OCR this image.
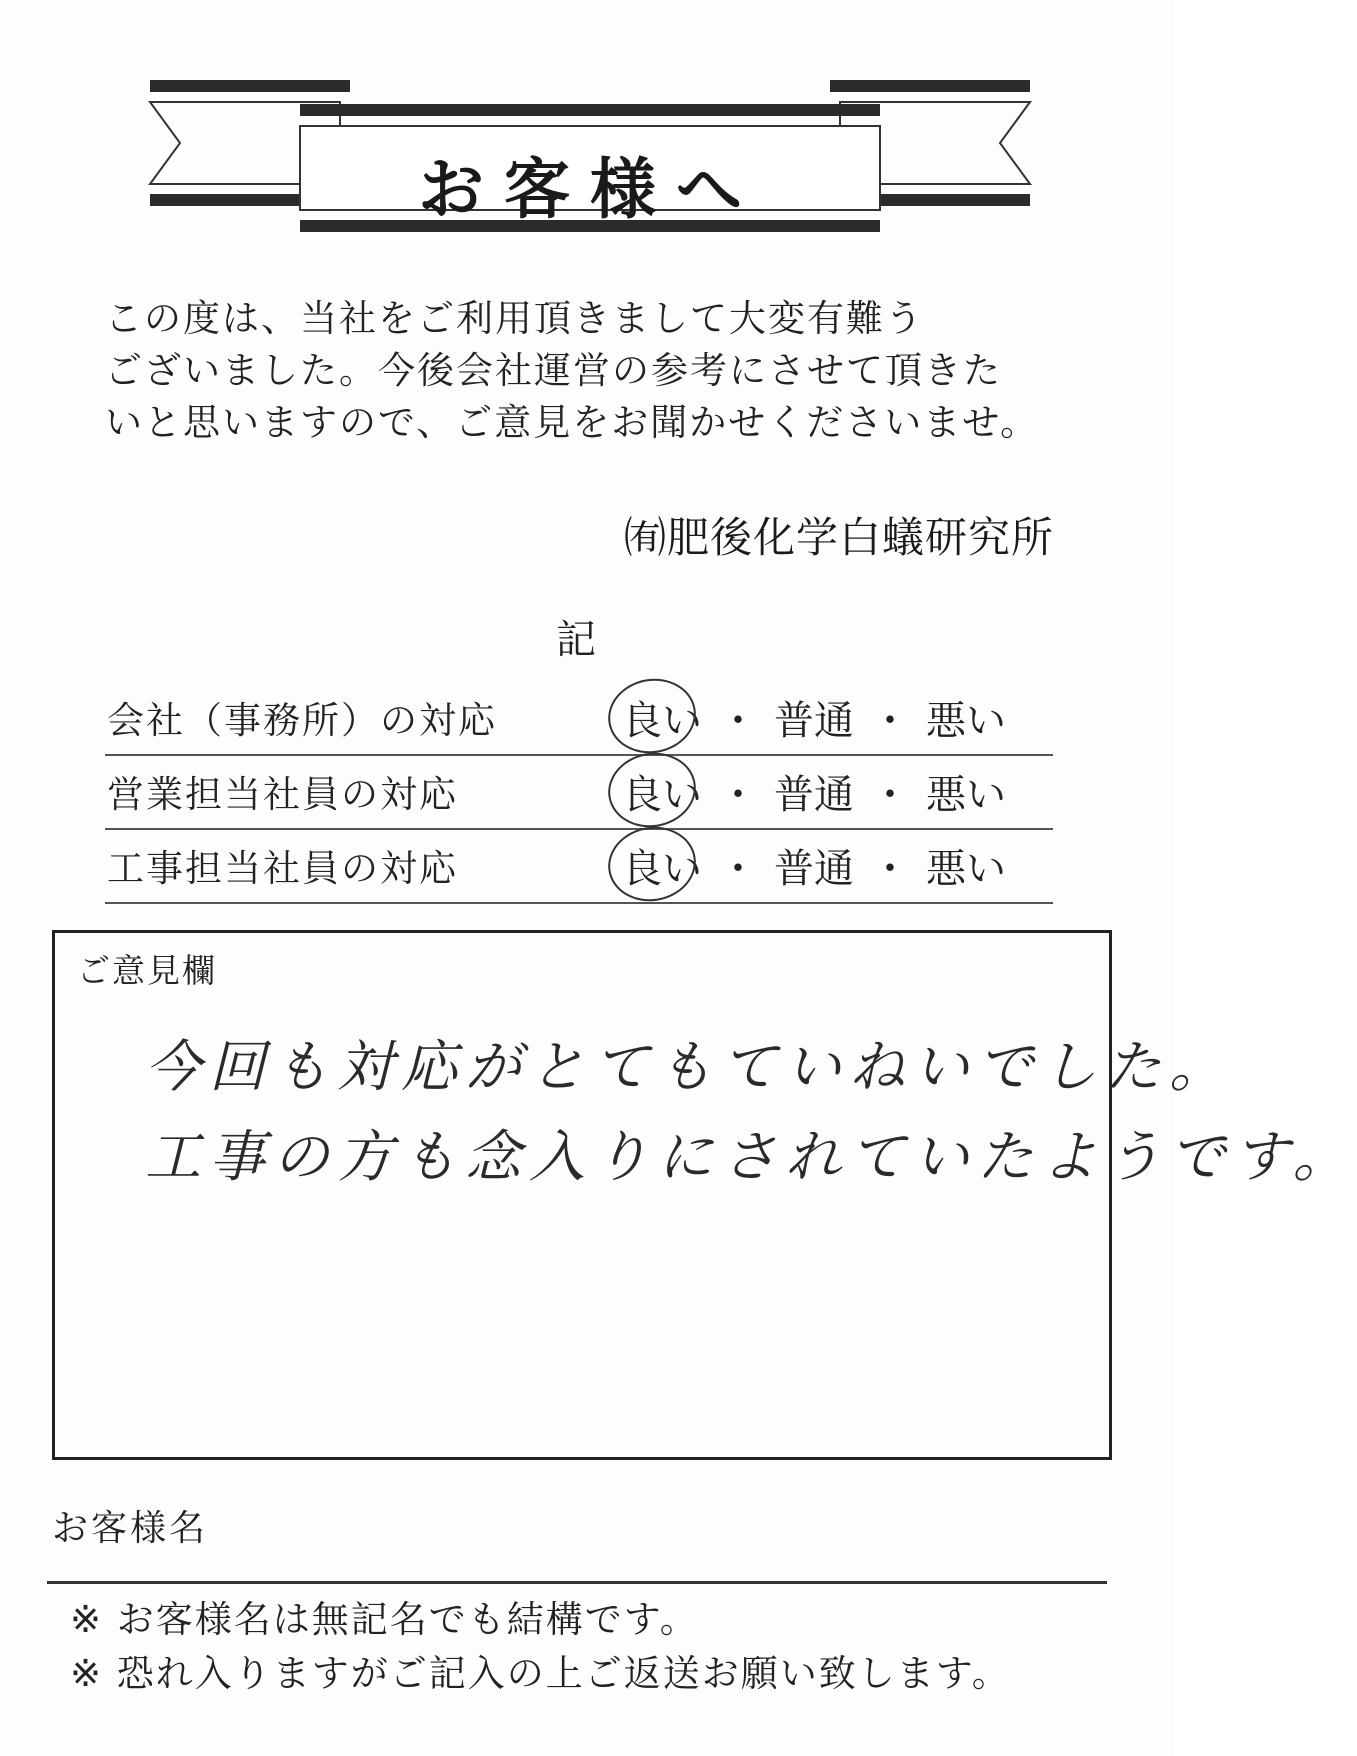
お客様へ
この度は、当社をご利用頂きまして大変有難う
ございました。今後会社運営の参考にさせて頂きた
いと思いますので、ご意見をお聞かせくださいませ。
㈲肥後化学白蟻研究所
記
会社（事務所）の対応	良い ・ 普通 ・ 悪い
営業担当社員の対応	良い ・ 普通 ・ 悪い
工事担当社員の対応	良い ・ 普通 ・ 悪い
ご意見欄
今回も対応がとてもていねいでした。
工事の方も念入りにされていたようです。
お客様名
※ お客様名は無記名でも結構です。
※ 恐れ入りますがご記入の上ご返送お願い致します。
